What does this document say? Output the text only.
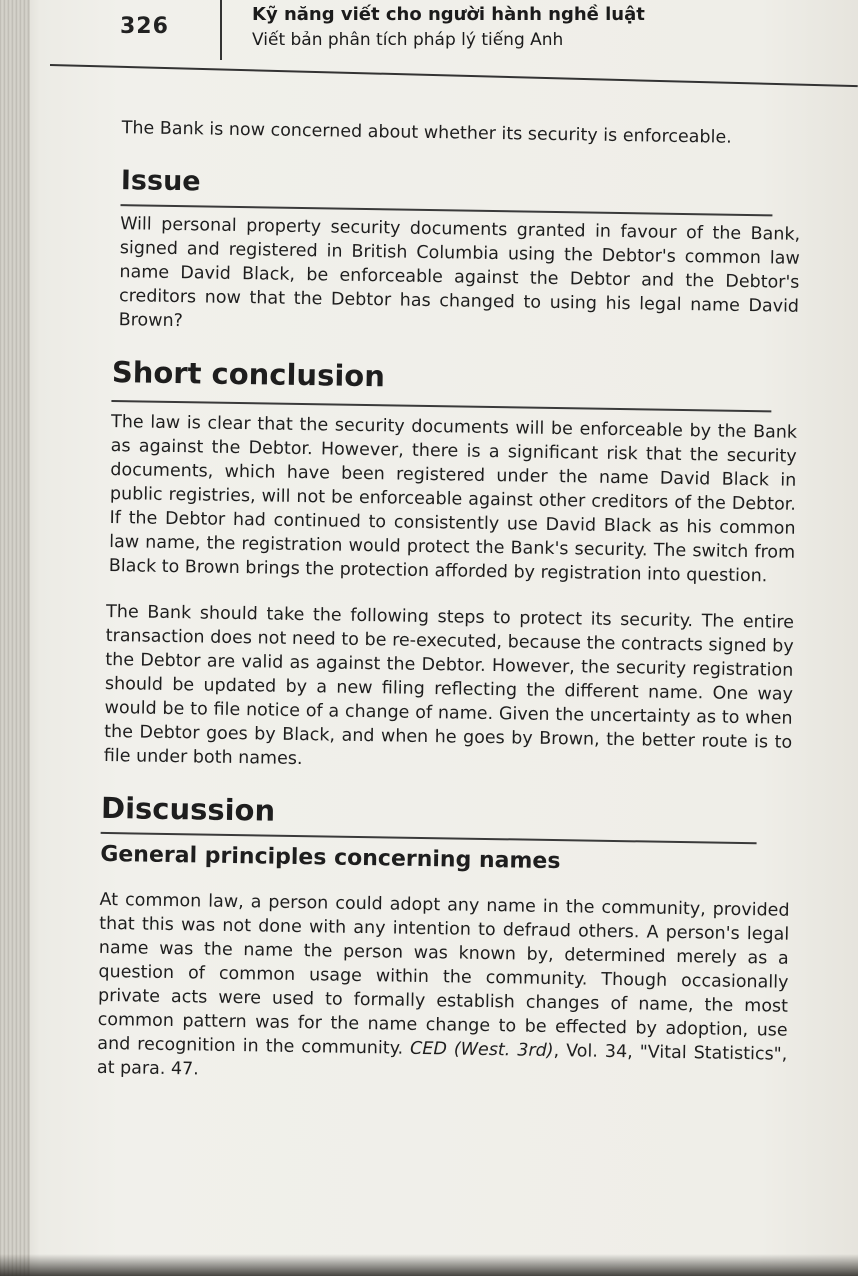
326	Kỹ năng viết cho người hành nghề luật
Viết bản phân tích pháp lý tiếng Anh

The Bank is now concerned about whether its security is enforceable.

Issue

Will personal property security documents granted in favour of the Bank, signed and registered in British Columbia using the Debtor's common law name David Black, be enforceable against the Debtor and the Debtor's creditors now that the Debtor has changed to using his legal name David Brown?

Short conclusion

The law is clear that the security documents will be enforceable by the Bank as against the Debtor. However, there is a significant risk that the security documents, which have been registered under the name David Black in public registries, will not be enforceable against other creditors of the Debtor. If the Debtor had continued to consistently use David Black as his common law name, the registration would protect the Bank's security. The switch from Black to Brown brings the protection afforded by registration into question.

The Bank should take the following steps to protect its security. The entire transaction does not need to be re-executed, because the contracts signed by the Debtor are valid as against the Debtor. However, the security registration should be updated by a new filing reflecting the different name. One way would be to file notice of a change of name. Given the uncertainty as to when the Debtor goes by Black, and when he goes by Brown, the better route is to file under both names.

Discussion
General principles concerning names

At common law, a person could adopt any name in the community, provided that this was not done with any intention to defraud others. A person's legal name was the name the person was known by, determined merely as a question of common usage within the community. Though occasionally private acts were used to formally establish changes of name, the most common pattern was for the name change to be effected by adoption, use and recognition in the community. CED (West. 3rd), Vol. 34, "Vital Statistics", at para. 47.
